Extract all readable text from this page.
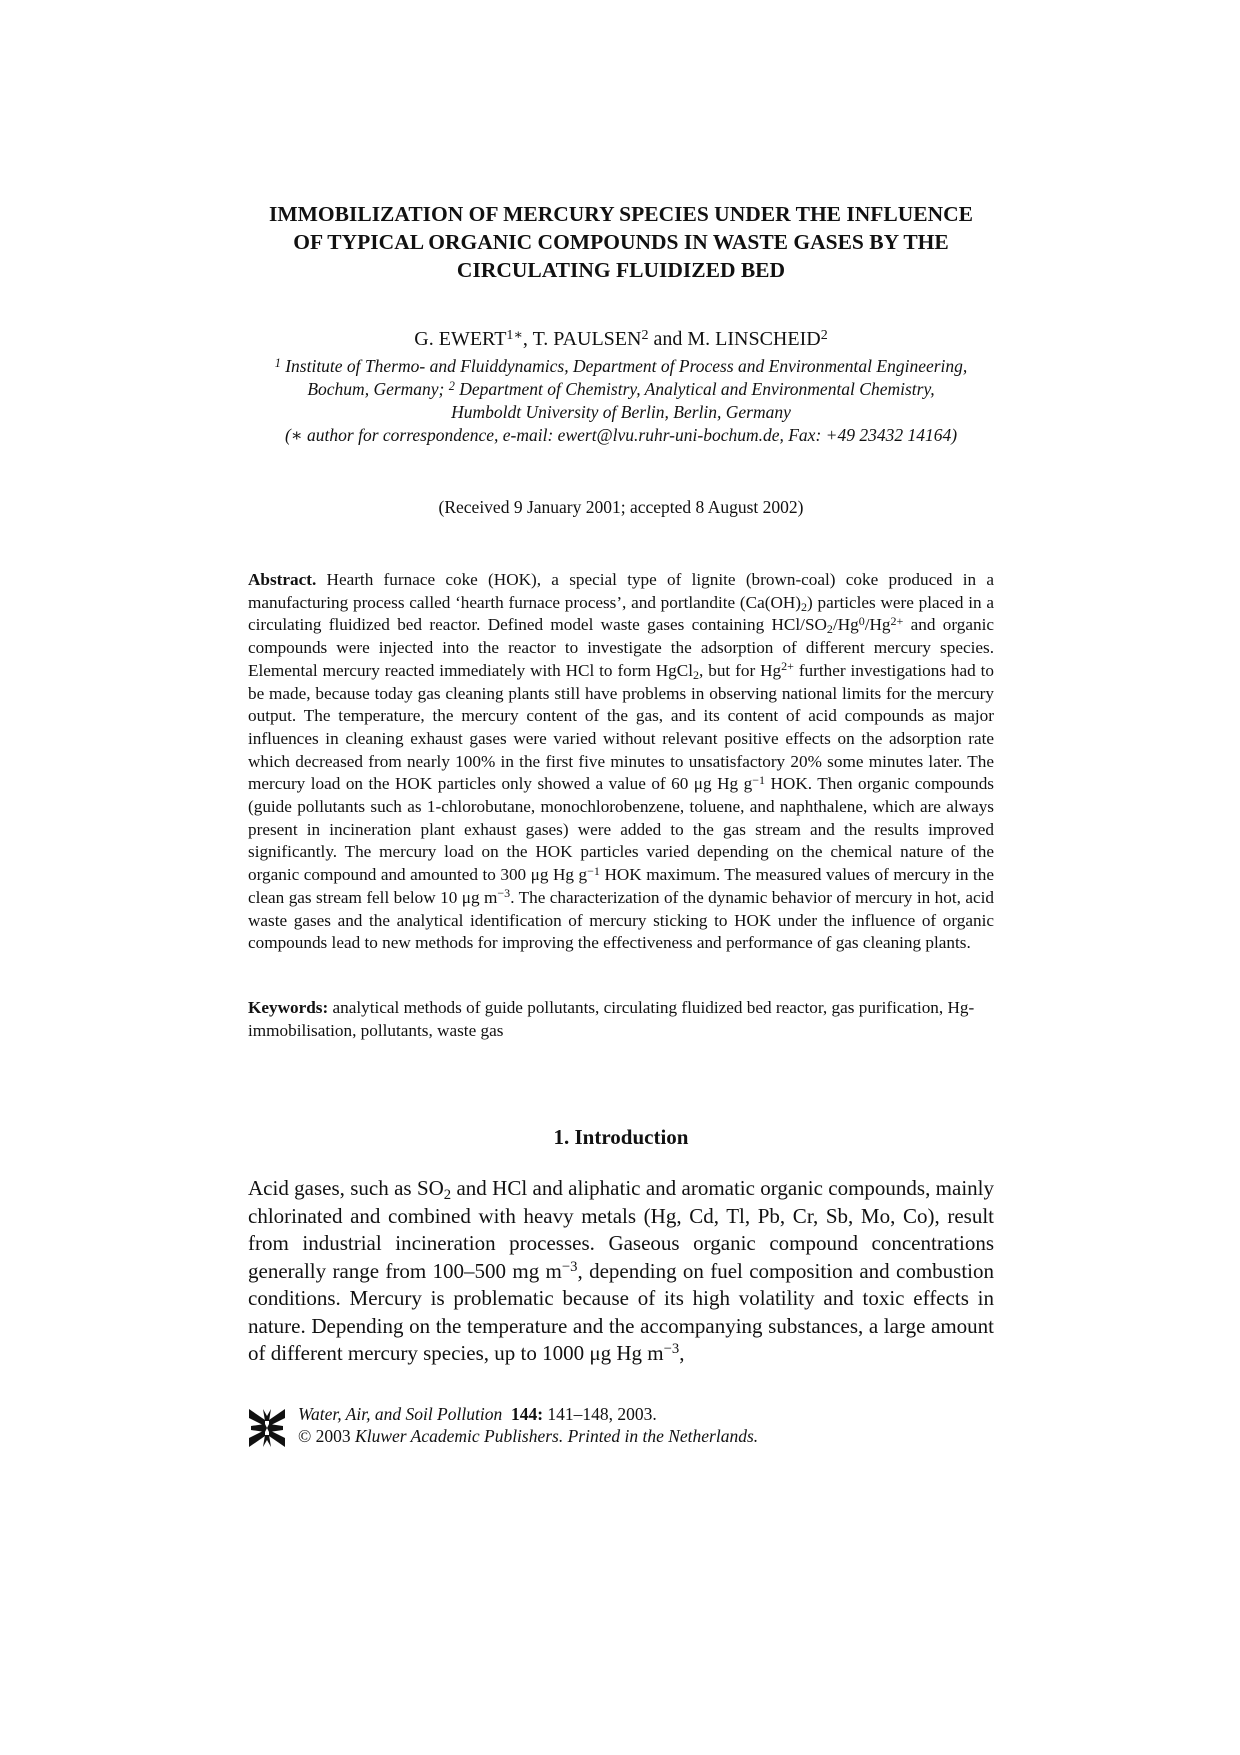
IMMOBILIZATION OF MERCURY SPECIES UNDER THE INFLUENCE
OF TYPICAL ORGANIC COMPOUNDS IN WASTE GASES BY THE
CIRCULATING FLUIDIZED BED
G. $EWERT^{1∗}$, T. PAULSEN$^2$ and M. LINSCHEID$^2$
$^1$ Institute of Thermo- and Fluiddynamics, Department of Process and Environmental Engineering,
Bochum, Germany; $^2$ Department of Chemistry, Analytical and Environmental Chemistry,
Humboldt University of Berlin, Berlin, Germany
(∗ author for correspondence, e-mail: ewert@lvu.ruhr-uni-bochum.de, Fax: +49 23432 14164)
(Received 9 January 2001; accepted 8 August 2002)
Abstract. Hearth furnace coke (HOK), a special type of lignite (brown-coal) coke produced in a manufacturing process called ‘hearth furnace process’, and portlandite $(Ca(OH)_2)$ particles were placed in a circulating fluidized bed reactor. Defined model waste gases containing HCl/$SO_2/Hg^0/Hg^{2+}$ and organic compounds were injected into the reactor to investigate the adsorption of different mercury species. Elemental mercury reacted immediately with HCl to form HgCl$_2$, but for $Hg^{2+}$ further investigations had to be made, because today gas cleaning plants still have problems in observing national limits for the mercury output. The temperature, the mercury content of the gas, and its content of acid compounds as major influences in cleaning exhaust gases were varied without relevant positive effects on the adsorption rate which decreased from nearly 100% in the first five minutes to unsatisfactory 20% some minutes later. The mercury load on the HOK particles only showed a value of 60 μg Hg $g^{-1}$ HOK. Then organic compounds (guide pollutants such as 1-chlorobutane, monochlorobenzene, toluene, and naphthalene, which are always present in incineration plant exhaust gases) were added to the gas stream and the results improved significantly. The mercury load on the HOK particles varied depending on the chemical nature of the organic compound and amounted to 300 μg Hg $g^{-1}$ HOK maximum. The measured values of mercury in the clean gas stream fell below 10 μg $m^{-3}$. The characterization of the dynamic behavior of mercury in hot, acid waste gases and the analytical identification of mercury sticking to HOK under the influence of organic compounds lead to new methods for improving the effectiveness and performance of gas cleaning plants.
Keywords: analytical methods of guide pollutants, circulating fluidized bed reactor, gas purification, Hg-immobilisation, pollutants, waste gas
1. Introduction
Acid gases, such as $SO_2$ and HCl and aliphatic and aromatic organic compounds, mainly chlorinated and combined with heavy metals (Hg, Cd, Tl, Pb, Cr, Sb, Mo, Co), result from industrial incineration processes. Gaseous organic compound concentrations generally range from 100–500 mg $m^{-3}$, depending on fuel composition and combustion conditions. Mercury is problematic because of its high volatility and toxic effects in nature. Depending on the temperature and the accompanying substances, a large amount of different mercury species, up to 1000 μg Hg $m^{-3}$,
Water, Air, and Soil Pollution 144: 141–148, 2003.
© 2003 Kluwer Academic Publishers. Printed in the Netherlands.
